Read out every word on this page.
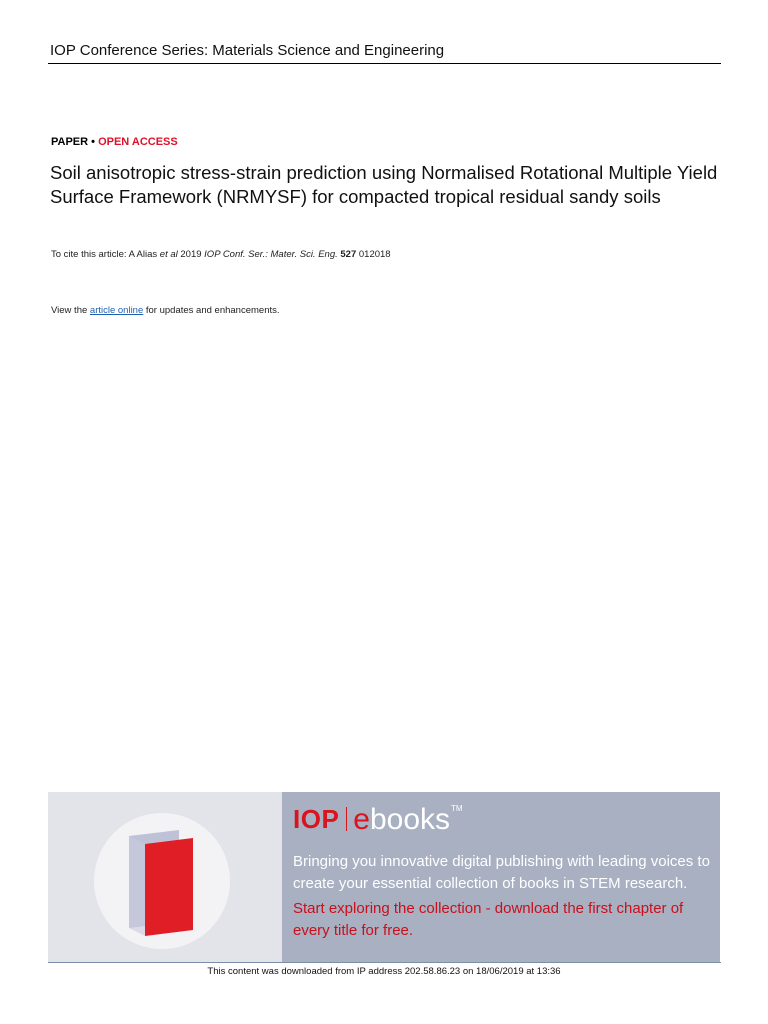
IOP Conference Series: Materials Science and Engineering
PAPER • OPEN ACCESS
Soil anisotropic stress-strain prediction using Normalised Rotational Multiple Yield Surface Framework (NRMYSF) for compacted tropical residual sandy soils
To cite this article: A Alias et al 2019 IOP Conf. Ser.: Mater. Sci. Eng. 527 012018
View the article online for updates and enhancements.
IOP ebooks TM
Bringing you innovative digital publishing with leading voices to create your essential collection of books in STEM research.
Start exploring the collection - download the first chapter of every title for free.
This content was downloaded from IP address 202.58.86.23 on 18/06/2019 at 13:36
